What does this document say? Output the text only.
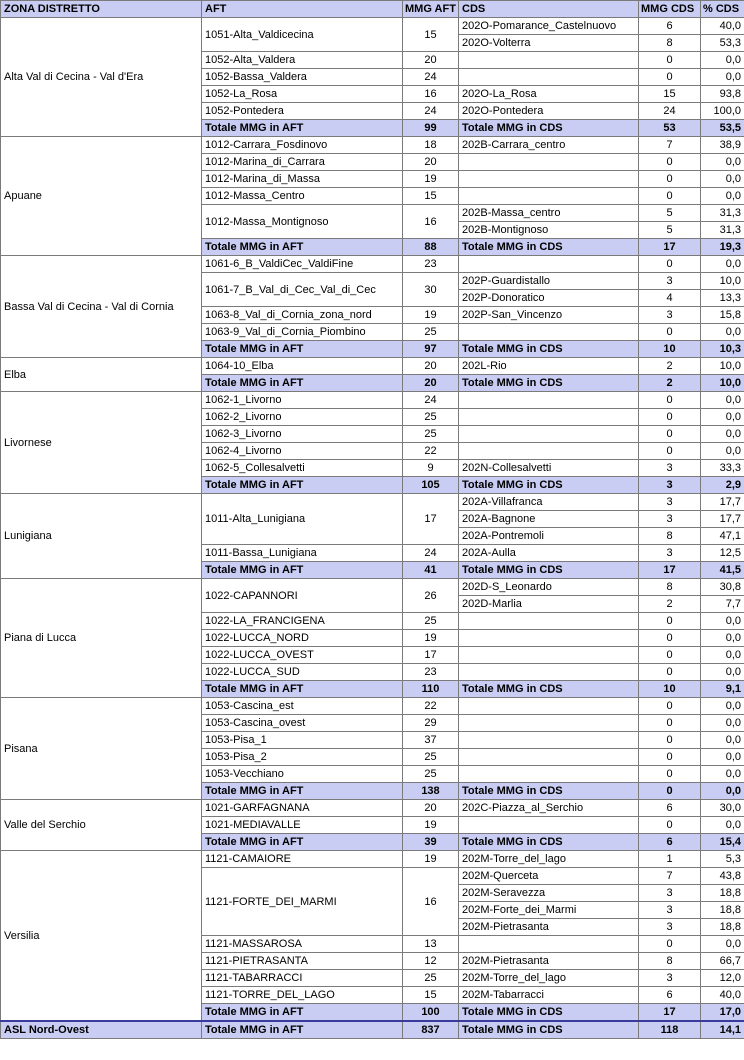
ZONA DISTRETTO	AFT	MMG AFT	CDS	MMG CDS	% CDS
Alta Val di Cecina - Val d'Era	1051-Alta_Valdicecina	15	202O-Pomarance_Castelnuovo	6	40,0
			202O-Volterra	8	53,3
	1052-Alta_Valdera	20		0	0,0
	1052-Bassa_Valdera	24		0	0,0
	1052-La_Rosa	16	202O-La_Rosa	15	93,8
	1052-Pontedera	24	202O-Pontedera	24	100,0
	Totale MMG in AFT	99	Totale MMG in CDS	53	53,5
Apuane	1012-Carrara_Fosdinovo	18	202B-Carrara_centro	7	38,9
	1012-Marina_di_Carrara	20		0	0,0
	1012-Marina_di_Massa	19		0	0,0
	1012-Massa_Centro	15		0	0,0
	1012-Massa_Montignoso	16	202B-Massa_centro	5	31,3
			202B-Montignoso	5	31,3
	Totale MMG in AFT	88	Totale MMG in CDS	17	19,3
Bassa Val di Cecina - Val di Cornia	1061-6_B_ValdiCec_ValdiFine	23		0	0,0
	1061-7_B_Val_di_Cec_Val_di_Cec	30	202P-Guardistallo	3	10,0
			202P-Donoratico	4	13,3
	1063-8_Val_di_Cornia_zona_nord	19	202P-San_Vincenzo	3	15,8
	1063-9_Val_di_Cornia_Piombino	25		0	0,0
	Totale MMG in AFT	97	Totale MMG in CDS	10	10,3
Elba	1064-10_Elba	20	202L-Rio	2	10,0
	Totale MMG in AFT	20	Totale MMG in CDS	2	10,0
Livornese	1062-1_Livorno	24		0	0,0
	1062-2_Livorno	25		0	0,0
	1062-3_Livorno	25		0	0,0
	1062-4_Livorno	22		0	0,0
	1062-5_Collesalvetti	9	202N-Collesalvetti	3	33,3
	Totale MMG in AFT	105	Totale MMG in CDS	3	2,9
Lunigiana	1011-Alta_Lunigiana	17	202A-Villafranca	3	17,7
			202A-Bagnone	3	17,7
			202A-Pontremoli	8	47,1
	1011-Bassa_Lunigiana	24	202A-Aulla	3	12,5
	Totale MMG in AFT	41	Totale MMG in CDS	17	41,5
Piana di Lucca	1022-CAPANNORI	26	202D-S_Leonardo	8	30,8
			202D-Marlia	2	7,7
	1022-LA_FRANCIGENA	25		0	0,0
	1022-LUCCA_NORD	19		0	0,0
	1022-LUCCA_OVEST	17		0	0,0
	1022-LUCCA_SUD	23		0	0,0
	Totale MMG in AFT	110	Totale MMG in CDS	10	9,1
Pisana	1053-Cascina_est	22		0	0,0
	1053-Cascina_ovest	29		0	0,0
	1053-Pisa_1	37		0	0,0
	1053-Pisa_2	25		0	0,0
	1053-Vecchiano	25		0	0,0
	Totale MMG in AFT	138	Totale MMG in CDS	0	0,0
Valle del Serchio	1021-GARFAGNANA	20	202C-Piazza_al_Serchio	6	30,0
	1021-MEDIAVALLE	19		0	0,0
	Totale MMG in AFT	39	Totale MMG in CDS	6	15,4
Versilia	1121-CAMAIORE	19	202M-Torre_del_lago	1	5,3
	1121-FORTE_DEI_MARMI	16	202M-Querceta	7	43,8
			202M-Seravezza	3	18,8
			202M-Forte_dei_Marmi	3	18,8
			202M-Pietrasanta	3	18,8
	1121-MASSAROSA	13		0	0,0
	1121-PIETRASANTA	12	202M-Pietrasanta	8	66,7
	1121-TABARRACCI	25	202M-Torre_del_lago	3	12,0
	1121-TORRE_DEL_LAGO	15	202M-Tabarracci	6	40,0
	Totale MMG in AFT	100	Totale MMG in CDS	17	17,0
ASL Nord-Ovest	Totale MMG in AFT	837	Totale MMG in CDS	118	14,1
